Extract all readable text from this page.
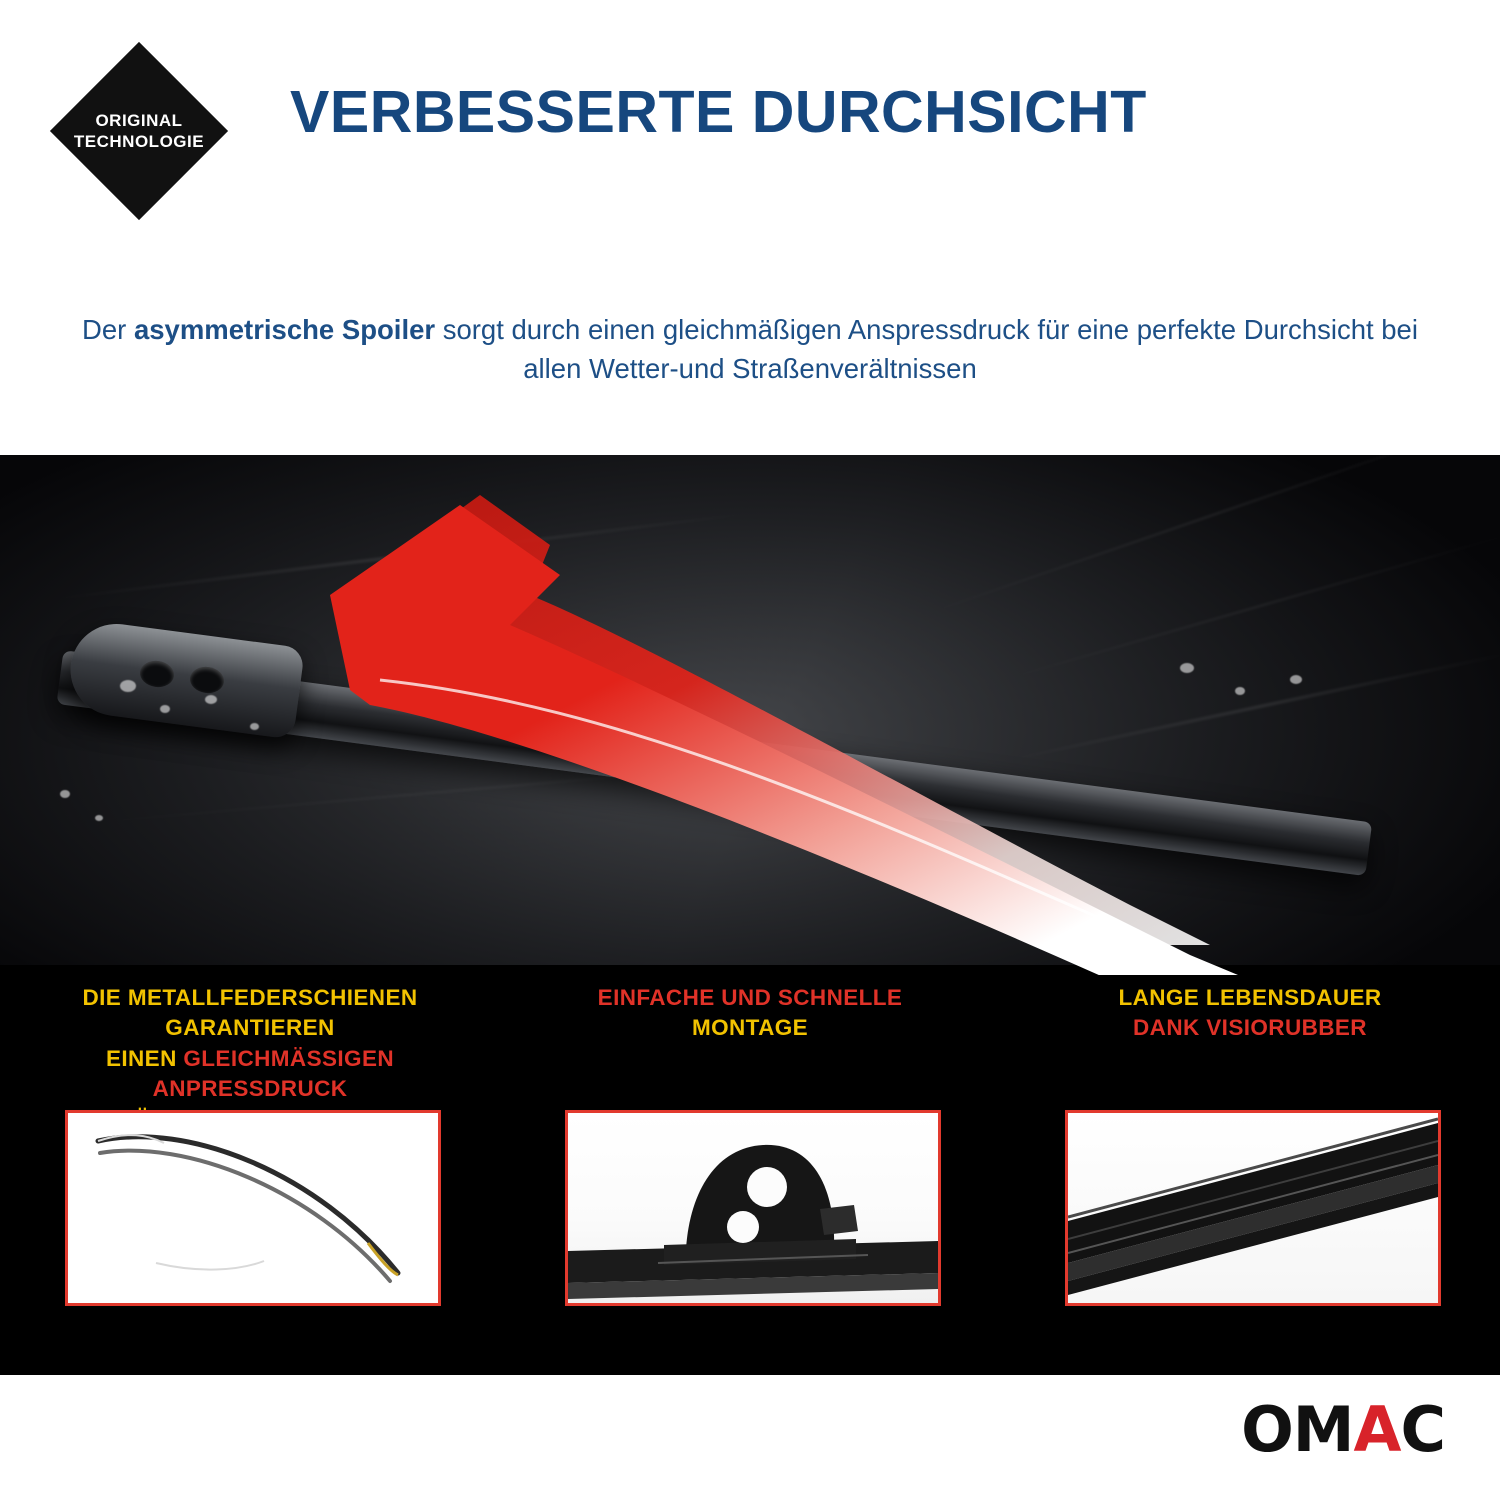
ORIGINAL
TECHNOLOGIE VERBESSERTE DURCHSICHT
Der asymmetrische Spoiler sorgt durch einen gleichmäßigen Anspressdruck für eine perfekte Durchsicht bei allen Wetter-und Straßenverältnissen
DIE METALLFEDERSCHIENEN GARANTIEREN
EINEN GLEICHMÄSSIGEN ANPRESSDRUCK

EINFACHE UND SCHNELLE
MONTAGE
LANGE LEBENSDAUER
DANK VISIORUBBER
OMAC
